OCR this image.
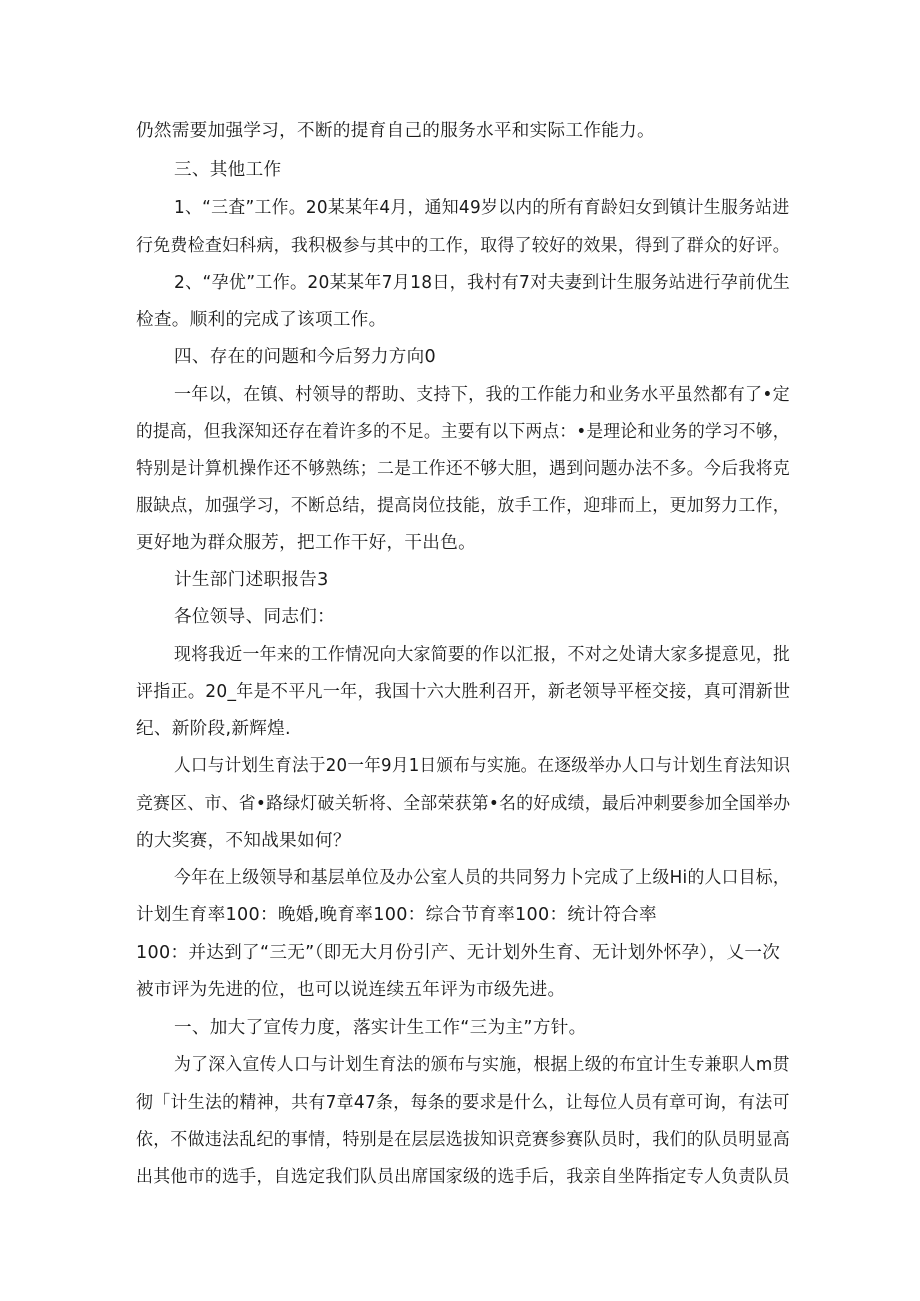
仍然需要加强学习，不断的提育自己的服务水平和实际工作能力。
三、其他工作
1、“三査”工作。20某某年4月，通知49岁以内的所有育龄妇女到镇计生服务站进
行免费检查妇科病，我积极参与其中的工作，取得了较好的效果，得到了群众的好评。
2、“孕优”工作。20某某年7月18日，我村有7对夫妻到计生服务站进行孕前优生
检查。顺利的完成了该项工作。
四、存在的问题和今后努力方向0
一年以，在镇、村领导的帮助、支持下，我的工作能力和业务水平虽然都有了•定
的提高，但我深知还存在着许多的不足。主要有以下两点：•是理论和业务的学习不够，
特别是计算机操作还不够熟练；二是工作还不够大胆，遇到问题办法不多。今后我将克
服缺点，加强学习，不断总结，提高岗位技能，放手工作，迎琲而上，更加努力工作，
更好地为群众服芳，把工作干好，干出色。
计生部门述职报告3
各位领导、同志们：
现将我近一年来的工作情况向大家简要的作以汇报，不对之处请大家多提意见，批
评指正。20_年是不平凡一年，我国十六大胜利召开，新老领导平桎交接，真可渭新世
纪、新阶段,新辉煌.
人口与计划生育法于20一年9月1日颁布与实施。在逐级举办人口与计划生育法知识
竞赛区、市、省•路绿灯破关斩将、全部荣获第•名的好成绩，最后冲刺要参加全国举办
的大奖赛，不知战果如何？
今年在上级领导和基层单位及办公室人员的共同努力卜完成了上级Hi的人口目标，
计划生育率100：晚婚,晚育率100：综合节育率100：统计符合率
100：并达到了“三无”（即无大月份引产、无计划外生育、无计划外怀孕），乂一次
被市评为先进的位，也可以说连续五年评为市级先进。
一、加大了宣传力度，落实计生工作“三为主”方针。
为了深入宣传人口与计划生育法的颁布与实施，根据上级的布宜计生专兼职人m贯
彻「计生法的精神，共有7章47条，每条的要求是什么，让每位人员有章可询，有法可
依，不做违法乱纪的事情，特别是在层层选拔知识竞赛参赛队员时，我们的队员明显高
出其他市的选手，自选定我们队员出席国家级的选手后，我亲自坐阵指定专人负责队员
